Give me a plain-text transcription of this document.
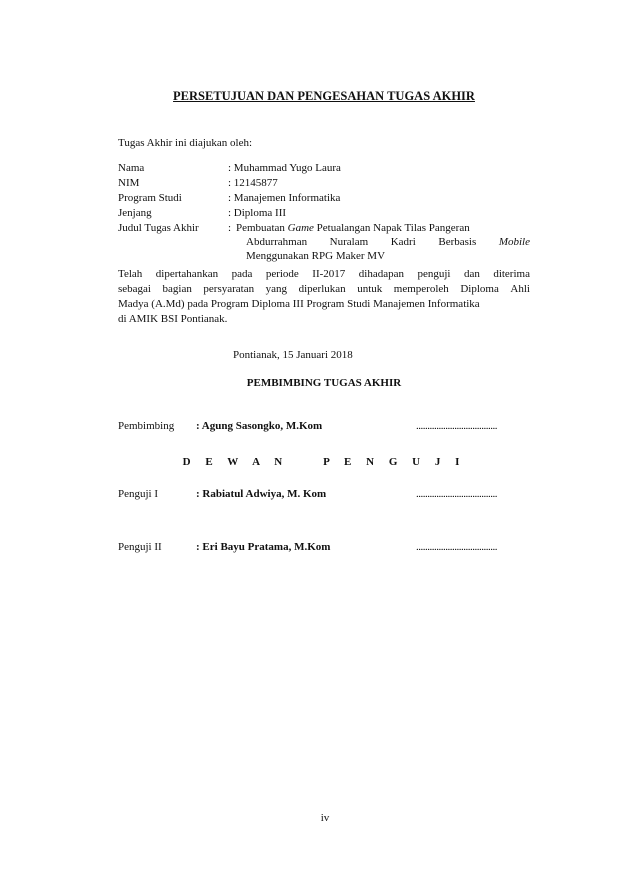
PERSETUJUAN DAN PENGESAHAN TUGAS AKHIR
Tugas Akhir ini diajukan oleh:
Nama	: Muhammad Yugo Laura
NIM	: 12145877
Program Studi	: Manajemen Informatika
Jenjang	: Diploma III
Judul Tugas Akhir	: Pembuatan Game Petualangan Napak Tilas Pangeran
Abdurrahman Nuralam Kadri Berbasis Mobile
Menggunakan RPG Maker MV
Telah dipertahankan pada periode II-2017 dihadapan penguji dan diterima
sebagai bagian persyaratan yang diperlukan untuk memperoleh Diploma Ahli
Madya (A.Md) pada Program Diploma III Program Studi Manajemen Informatika
di AMIK BSI Pontianak.
Pontianak, 15 Januari 2018
PEMBIMBING TUGAS AKHIR
Pembimbing : Agung Sasongko, M.Kom	....................................
D E W A N    P E N G U J I
Penguji I	: Rabiatul Adwiya, M. Kom	....................................
Penguji II	: Eri Bayu Pratama, M.Kom	....................................
iv
